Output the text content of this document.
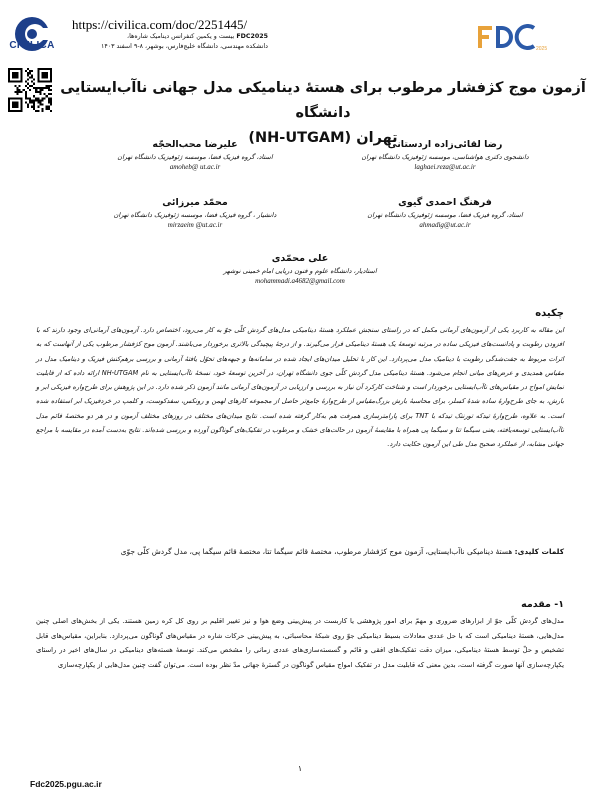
CIVILICA
https://civilica.com/doc/2251445/
FDC2025 بیست و یکمین کنفرانس دینامیک شاره‌ها،
دانشکده مهندسی، دانشگاه خلیج‌فارس، بوشهر، ۸-۹ اسفند ۱۴۰۳	2025
آزمون موج کژفشار مرطوب برای هستهٔ دینامیکی مدل جهانی ناآب‌ایستایی دانشگاه
تهران (NH-UTGAM)
رضا لقائی‌زاده اردستانی
دانشجوی دکتری هواشناسی، موسسه ژئوفیزیک دانشگاه تهران
laghaei.reza@ut.ac.ir
علیرضا محب‌الحجّه
استاد، گروه فیزیک فضا، موسسه ژئوفیزیک دانشگاه تهران
amoheb@ ut.ac.ir
فرهنگ احمدی گیوی
استاد، گروه فیزیک فضا، موسسه ژئوفیزیک دانشگاه تهران
ahmadig@ut.ac.ir
محمّد میرزائی
دانشیار ، گروه فیزیک فضا، موسسه ژئوفیزیک دانشگاه تهران
mirzaeim @ut.ac.ir
علی محمّدی
استادیار، دانشگاه علوم و فنون دریایی امام خمینی نوشهر
mohammadi.a4682@gmail.com
چکیده
این مقاله به کاربرد یکی از آزمون‌های آرمانی مکمل که در راستای سنجش عملکرد هستهٔ دینامیکی مدل‌های گردش کلّی جوّ به کار می‌رود، اختصاص دارد. آزمون‌های آرمانی‌ای وجود دارند که با افزودن رطوبت و پادانست‌های فیزیکی ساده در مرتبه توسعهٔ یک هستهٔ دینامیکی قرار می‌گیرند. و از درجهٔ پیچیدگی بالاتری برخوردار می‌باشند. آزمون موج کژفشار مرطوب یکی از آنهاست که به اثرات مربوط به جفت‌شدگی رطوبت با دینامیک مدل می‌پردازد. این کار با تحلیل میدان‌های ایجاد شده در سامانه‌ها و جبهه‌های تحوّل یافتهٔ آرمانی و بررسی برهم‌کنش فیزیک و دینامیک مدل در مقیاس همدیدی و عرض‌های میانی انجام می‌شود. هستهٔ دینامیکی مدل گردش کلّی جوی دانشگاه تهران، در آخرین توسعهٔ خود، نسخهٔ ناآب‌ایستایی به نام NH-UTGAM ارائه داده که از قابلیت نمایش امواج در مقیاس‌های ناآب‌ایستایی برخوردار است و شناخت کارکرد آن نیاز به بررسی و ارزیابی در آزمون‌های آرمانی مانند آزمون ذکر شده دارد. در این پژوهش برای طرح‌واره فیزیکی ابر و بارش، به جای طرح‌وارهٔ ساده شدهٔ کسلر، برای محاسبهٔ بارش بزرگ‌مقیاس از طرح‌وارهٔ جامع‌تر حاصل از مجموعه کارهای لهمن و رونکس، سفدکوست، و کلمپ در خردفیزیک ابر استفاده شده است. به علاوه، طرح‌وارهٔ تیدکه تورنتک تیدکه با TNT برای پارامترسازی همرفت هم به‌کار گرفته شده است. نتایج میدان‌های مختلف در روزهای مختلف آزمون و در هر دو مختصهٔ قائم مدل ناآب‌ایستایی توسعه‌یافته، یعنی سیگما تتا و سیگما پی همراه با مقایسهٔ آزمون در حالت‌های خشک و مرطوب در تفکیک‌های گوناگون آورده و بررسی شده‌اند. نتایج به‌دست آمده در مقایسه با مراجع جهانی مشابه، از عملکرد صحیح مدل طی این آزمون حکایت دارد.
کلمات کلیدی: هستهٔ دینامیکی ناآب‌ایستایی، آزمون موج کژفشار مرطوب، مختصهٔ قائم سیگما تتا، مختصهٔ قائم سیگما پی، مدل گردش کلّی جوّی
۱- مقدمه
مدل‌های گردش کلّی جوّ از ابزارهای ضروری و مهمّ برای امور پژوهشی یا کاربست در پیش‌بینی وضع هوا و نیز تغییر اقلیم بر روی کل کره زمین هستند. یکی از بخش‌های اصلی چنین مدل‌هایی، هستهٔ دینامیکی است که با حل عددی معادلات بسیط دینامیکی جوّ روی شبکهٔ محاسباتی، به پیش‌بینی حرکات شاره در مقیاس‌های گوناگون می‌پردازد. بنابراین، مقیاس‌های قابل تشخیص و حلّ توسط هستهٔ دینامیکی، میزان دقت تفکیک‌های افقی و قائم و گسسته‌سازی‌های عددی زمانی را مشخص می‌کند. توسعهٔ هسته‌های دینامیکی در سال‌های اخیر در راستای یکپارچه‌سازی آنها صورت گرفته است، بدین معنی که قابلیت مدل در تفکیک امواج مقیاس گوناگون در گسترهٔ جهانی مدّ نظر بوده است. می‌توان گفت چنین مدل‌هایی از یکپارچه‌سازی
۱
Fdc2025.pgu.ac.ir
